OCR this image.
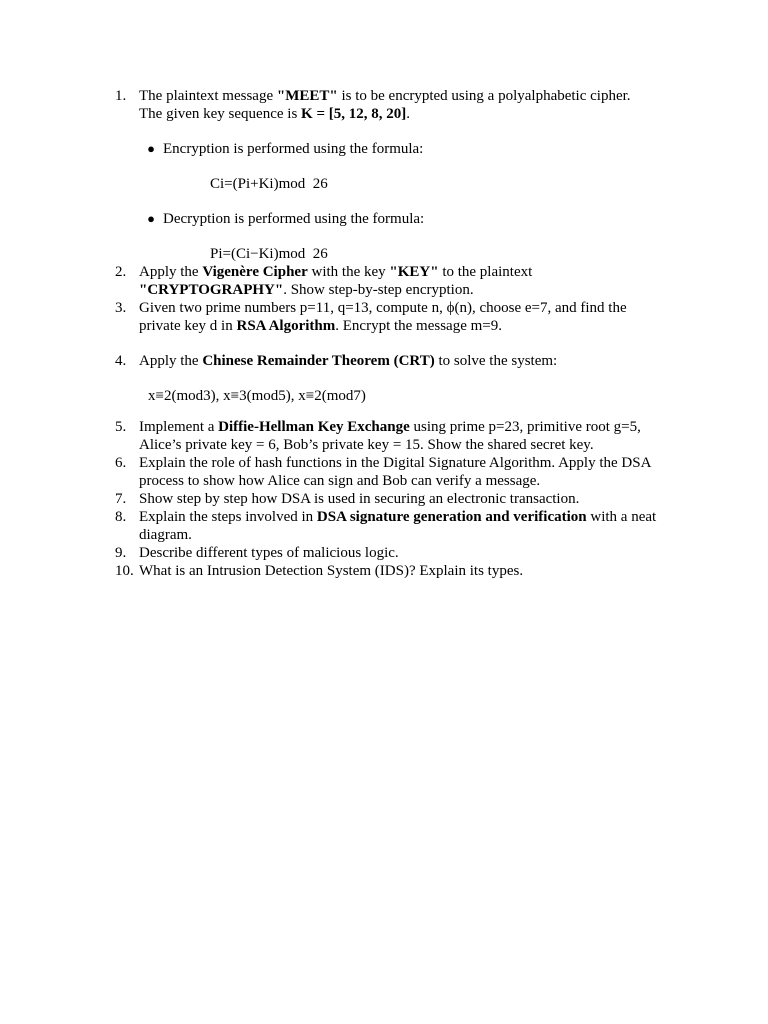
1. The plaintext message "MEET" is to be encrypted using a polyalphabetic cipher.
The given key sequence is K = [5, 12, 8, 20].
● Encryption is performed using the formula:
Ci=(Pi+Ki)mod  26
● Decryption is performed using the formula:
Pi=(Ci−Ki)mod  26
2. Apply the Vigenère Cipher with the key "KEY" to the plaintext
"CRYPTOGRAPHY". Show step-by-step encryption.
3. Given two prime numbers p=11, q=13, compute n, ϕ(n), choose e=7, and find the
private key d in RSA Algorithm. Encrypt the message m=9.
4. Apply the Chinese Remainder Theorem (CRT) to solve the system:
x≡2(mod3), x≡3(mod5), x≡2(mod7)
5. Implement a Diffie-Hellman Key Exchange using prime p=23, primitive root g=5,
Alice’s private key = 6, Bob’s private key = 15. Show the shared secret key.
6. Explain the role of hash functions in the Digital Signature Algorithm. Apply the DSA
process to show how Alice can sign and Bob can verify a message.
7. Show step by step how DSA is used in securing an electronic transaction.
8. Explain the steps involved in DSA signature generation and verification with a neat
diagram.
9. Describe different types of malicious logic.
10. What is an Intrusion Detection System (IDS)? Explain its types.
